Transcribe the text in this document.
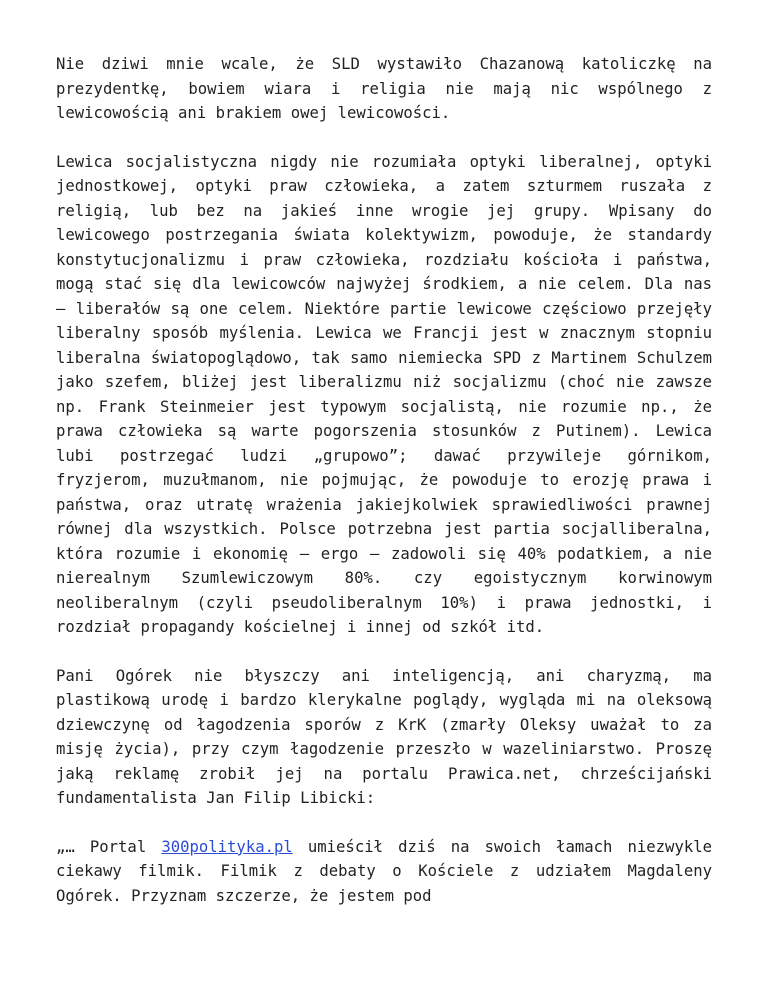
Nie dziwi mnie wcale, że SLD wystawiło Chazanową katoliczkę na prezydentkę, bowiem wiara i religia nie mają nic wspólnego z lewicowością ani brakiem owej lewicowości.

Lewica socjalistyczna nigdy nie rozumiała optyki liberalnej, optyki jednostkowej, optyki praw człowieka, a zatem szturmem ruszała z religią, lub bez na jakieś inne wrogie jej grupy. Wpisany do lewicowego postrzegania świata kolektywizm, powoduje, że standardy konstytucjonalizmu i praw człowieka, rozdziału kościoła i państwa, mogą stać się dla lewicowców najwyżej środkiem, a nie celem. Dla nas – liberałów są one celem. Niektóre partie lewicowe częściowo przejęły liberalny sposób myślenia. Lewica we Francji jest w znacznym stopniu liberalna światopoglądowo, tak samo niemiecka SPD z Martinem Schulzem jako szefem, bliżej jest liberalizmu niż socjalizmu (choć nie zawsze np. Frank Steinmeier jest typowym socjalistą, nie rozumie np., że prawa człowieka są warte pogorszenia stosunków z Putinem). Lewica lubi postrzegać ludzi „grupowo”; dawać przywileje górnikom, fryzjerom, muzułmanom, nie pojmując, że powoduje to erozję prawa i państwa, oraz utratę wrażenia jakiejkolwiek sprawiedliwości prawnej równej dla wszystkich. Polsce potrzebna jest partia socjalliberalna, która rozumie i ekonomię – ergo – zadowoli się 40% podatkiem, a nie nierealnym Szumlewiczowym 80%. czy egoistycznym korwinowym neoliberalnym (czyli pseudoliberalnym 10%) i prawa jednostki, i rozdział propagandy kościelnej i innej od szkół itd.

Pani Ogórek nie błyszczy ani inteligencją, ani charyzmą, ma plastikową urodę i bardzo klerykalne poglądy, wygląda mi na oleksową dziewczynę od łagodzenia sporów z KrK (zmarły Oleksy uważał to za misję życia), przy czym łagodzenie przeszło w wazeliniarstwo. Proszę jaką reklamę zrobił jej na portalu Prawica.net, chrześcijański fundamentalista Jan Filip Libicki:

„… Portal 300polityka.pl umieścił dziś na swoich łamach niezwykle ciekawy filmik. Filmik z debaty o Kościele z udziałem Magdaleny Ogórek. Przyznam szczerze, że jestem pod
